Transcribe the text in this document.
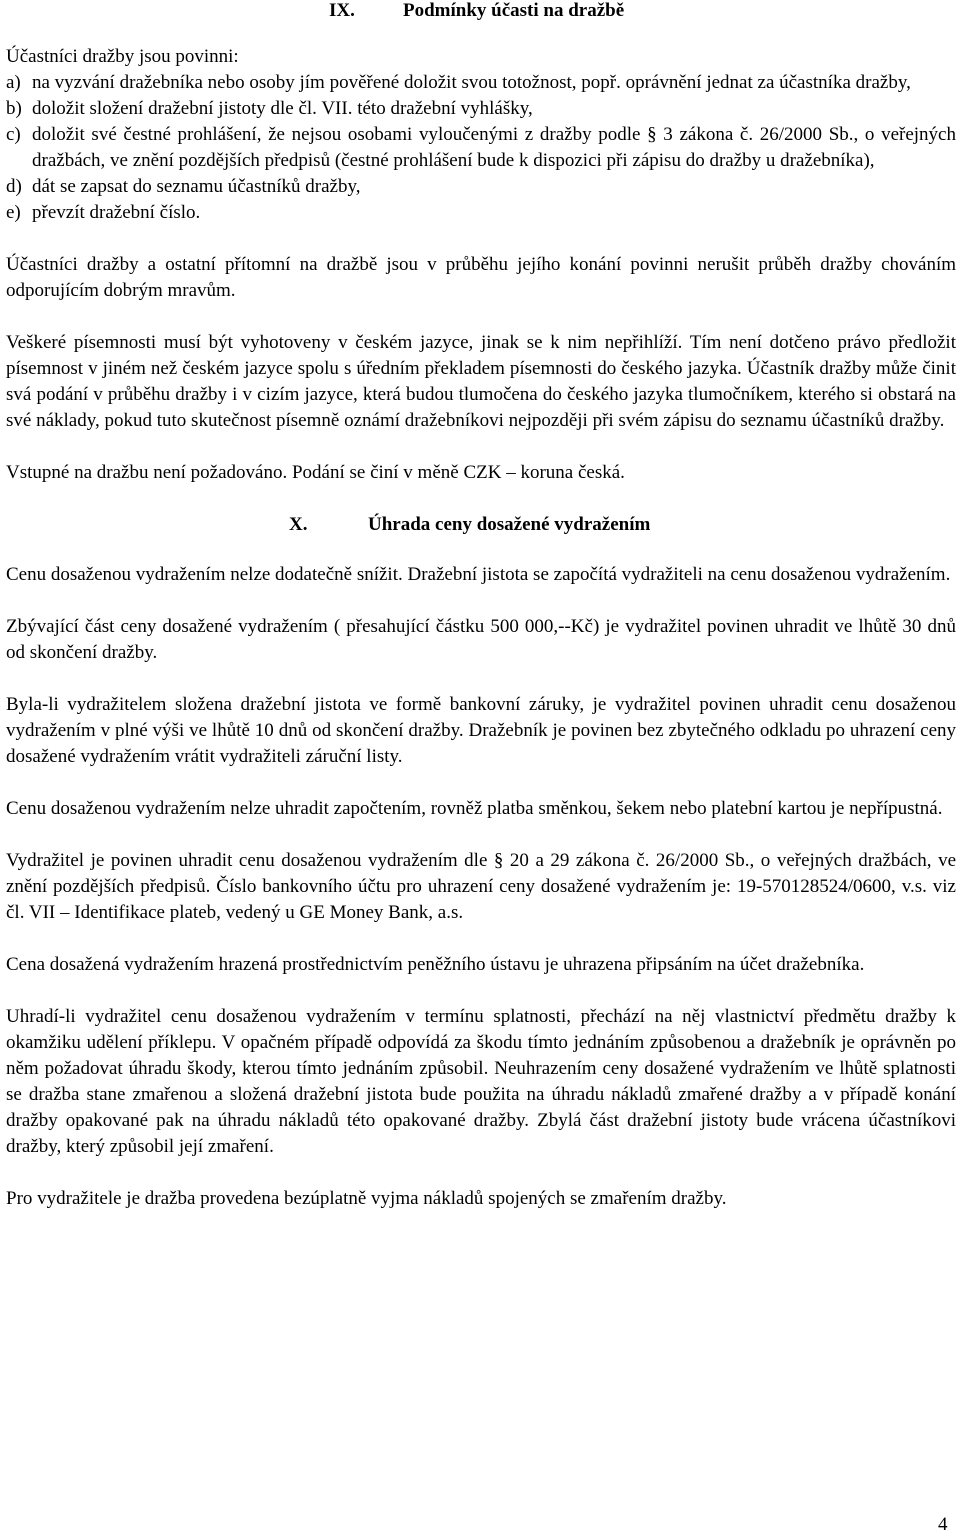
IX.	Podmínky účasti na dražbě

Účastníci dražby jsou povinni:

a) na vyzvání dražebníka nebo osoby jím pověřené doložit svou totožnost, popř. oprávnění jednat za účastníka dražby,
b) doložit složení dražební jistoty dle čl. VII. této dražební vyhlášky,
c) doložit své čestné prohlášení, že nejsou osobami vyloučenými z dražby podle § 3 zákona č. 26/2000 Sb., o veřejných dražbách, ve znění pozdějších předpisů (čestné prohlášení bude k dispozici při zápisu do dražby u dražebníka),
d) dát se zapsat do seznamu účastníků dražby,
e) převzít dražební číslo.

Účastníci dražby a ostatní přítomní na dražbě jsou v průběhu jejího konání povinni nerušit průběh dražby chováním odporujícím dobrým mravům.

Veškeré písemnosti musí být vyhotoveny v českém jazyce, jinak se k nim nepřihlíží. Tím není dotčeno právo předložit písemnost v jiném než českém jazyce spolu s úředním překladem písemnosti do českého jazyka. Účastník dražby může činit svá podání v průběhu dražby i v cizím jazyce, která budou tlumočena do českého jazyka tlumočníkem, kterého si obstará na své náklady, pokud tuto skutečnost písemně oznámí dražebníkovi nejpozději při svém zápisu do seznamu účastníků dražby.

Vstupné na dražbu není požadováno. Podání se činí v měně CZK – koruna česká.

X.	Úhrada ceny dosažené vydražením

Cenu dosaženou vydražením nelze dodatečně snížit. Dražební jistota se započítá vydražiteli na cenu dosaženou vydražením.

Zbývající část ceny dosažené vydražením ( přesahující částku 500 000,--Kč) je vydražitel povinen uhradit ve lhůtě 30 dnů od skončení dražby.

Byla-li vydražitelem složena dražební jistota ve formě bankovní záruky, je vydražitel povinen uhradit cenu dosaženou vydražením v plné výši ve lhůtě 10 dnů od skončení dražby. Dražebník je povinen bez zbytečného odkladu po uhrazení ceny dosažené vydražením vrátit vydražiteli záruční listy.

Cenu dosaženou vydražením nelze uhradit započtením, rovněž platba směnkou, šekem nebo platební kartou je nepřípustná.

Vydražitel je povinen uhradit cenu dosaženou vydražením dle § 20 a 29 zákona č. 26/2000 Sb., o veřejných dražbách, ve znění pozdějších předpisů. Číslo bankovního účtu pro uhrazení ceny dosažené vydražením je: 19-570128524/0600, v.s. viz čl. VII – Identifikace plateb, vedený u GE Money Bank, a.s.

Cena dosažená vydražením hrazená prostřednictvím peněžního ústavu je uhrazena připsáním na účet dražebníka.

Uhradí-li vydražitel cenu dosaženou vydražením v termínu splatnosti, přechází na něj vlastnictví předmětu dražby k okamžiku udělení příklepu. V opačném případě odpovídá za škodu tímto jednáním způsobenou a dražebník je oprávněn po něm požadovat úhradu škody, kterou tímto jednáním způsobil. Neuhrazením ceny dosažené vydražením ve lhůtě splatnosti se dražba stane zmařenou a složená dražební jistota bude použita na úhradu nákladů zmařené dražby a v případě konání dražby opakované pak na úhradu nákladů této opakované dražby. Zbylá část dražební jistoty bude vrácena účastníkovi dražby, který způsobil její zmaření.

Pro vydražitele je dražba provedena bezúplatně vyjma nákladů spojených se zmařením dražby.

4
